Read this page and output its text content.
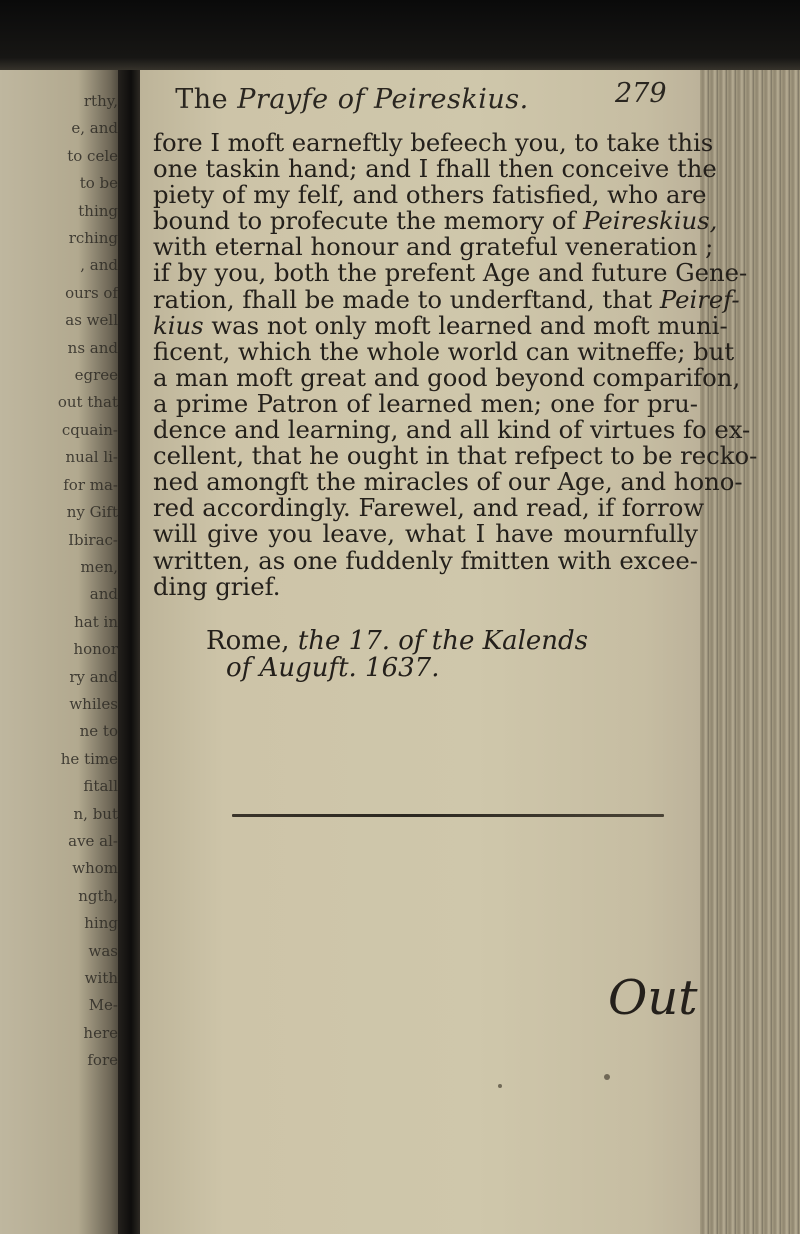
rthy,
e, and
to cele
to be
thing
rching
, and
ours of
as well
ns and
egree
out that
cquain-
nual li-
for ma-
ny Gift
Ibirac-
men,
and
hat in
honor
ry and
whiles
ne to
he time
fitall
n, but
ave al-
whom
ngth,
hing
was
with
Me-
here
fore
The Prayfe of Peireskius.	279
fore I moft earneftly befeech you, to take this
one taskin hand; and I fhall then conceive the
piety of my felf, and others fatisfied, who are
bound to profecute the memory of Peireskius,
with eternal honour and grateful veneration ;
if by you, both the prefent Age and future Gene-
ration, fhall be made to underftand, that Peiref-
kius was not only moft learned and moft muni-
ficent, which the whole world can witneffe; but
a man moft great and good beyond comparifon,
a prime Patron of learned men; one for pru-
dence and learning, and all kind of virtues fo ex-
cellent, that he ought in that refpect to be recko-
ned amongft the miracles of our Age, and hono-
red accordingly. Farewel, and read, if forrow
will give you leave, what I have mournfully
written, as one fuddenly fmitten with excee-
ding grief.
Rome, the 17. of the Kalends
of Auguft. 1637.
Out
